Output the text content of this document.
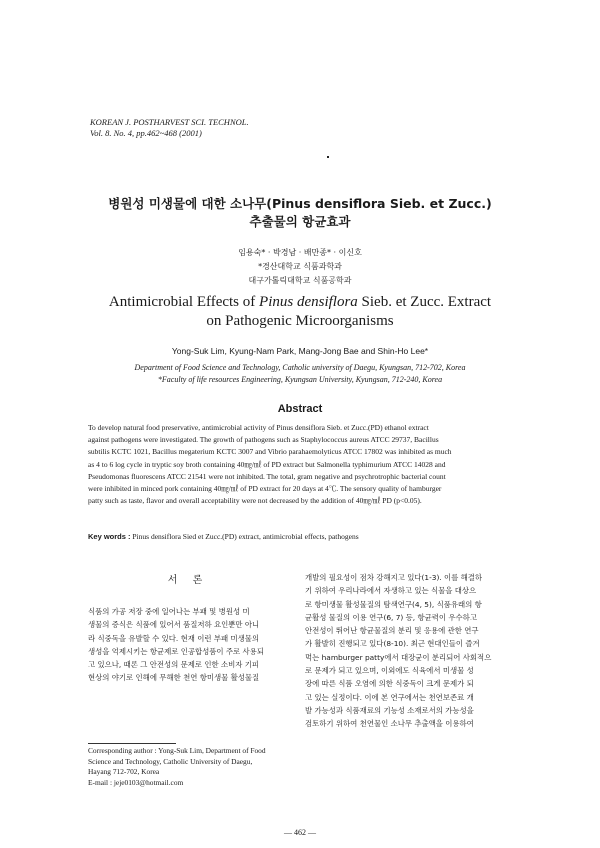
KOREAN J. POSTHARVEST SCI. TECHNOL.
Vol. 8. No. 4, pp.462~468 (2001)
병원성 미생물에 대한 소나무(Pinus densiflora Sieb. et Zucc.)
추출물의 항균효과
임용숙* · 박경남 · 배만종* · 이신호
*경산대학교 식품과학과
대구가톨릭대학교 식품공학과
Antimicrobial Effects of Pinus densiflora Sieb. et Zucc. Extract
on Pathogenic Microorganisms
Yong-Suk Lim, Kyung-Nam Park, Mang-Jong Bae and Shin-Ho Lee*
Department of Food Science and Technology, Catholic university of Daegu, Kyungsan, 712-702, Korea
*Faculty of life resources Engineering, Kyungsan University, Kyungsan, 712-240, Korea
Abstract
To develop natural food preservative, antimicrobial activity of Pinus densiflora Sieb. et Zucc.(PD) ethanol extract
against pathogens were investigated. The growth of pathogens such as Staphylococcus aureus ATCC 29737, Bacillus
subtilis KCTC 1021, Bacillus megaterium KCTC 3007 and Vibrio parahaemolyticus ATCC 17802 was inhibited as much
as 4 to 6 log cycle in tryptic soy broth containing 40㎎/㎖ of PD extract but Salmonella typhimurium ATCC 14028 and
Pseudomonas fluorescens ATCC 21541 were not inhibited. The total, gram negative and psychrotrophic bacterial count
were inhibited in minced pork containing 40㎎/㎖ of PD extract for 20 days at 4℃. The sensory quality of hamburger
patty such as taste, flavor and overall acceptability were not decreased by the addition of 40㎎/㎖ PD (p<0.05).
Key words : Pinus densiflora Sied et Zucc.(PD) extract, antimicrobial effects, pathogens
서 론

식품의 가공 저장 중에 일어나는 부패 및 병원성 미
생물의 증식은 식품에 있어서 품질저하 요인뿐만 아니
라 식중독을 유발할 수 있다. 현재 이런 부패 미생물의
생성을 억제시키는 항균제로 인공합성품이 주로 사용되
고 있으나, 때론 그 안전성의 문제로 인한 소비자 기피
현상의 야기로 인해에 무해한 천연 항미생물 활성물질

개발의 필요성이 점차 강해지고 있다(1-3). 이를 해결하
기 위하여 우리나라에서 자생하고 있는 식물을 대상으
로 항미생물 활성물질의 탐색연구(4, 5), 식품유래의 항
균활성 물질의 이용 연구(6, 7) 등, 항균력이 우수하고
안전성이 뛰어난 항균물질의 분리 및 응용에 관한 연구
가 활발히 진행되고 있다(8-10). 최근 현대인들이 즐겨
먹는 hamburger patty에서 대장균이 분리되어 사회적으
로 문제가 되고 있으며, 이외에도 식육에서 미생물 성
장에 따른 식품 오염에 의한 식중독이 크게 문제가 되
고 있는 실정이다. 이에 본 연구에서는 천연보존료 개
발 가능성과 식품재료의 기능성 소재로서의 가능성을
검토하기 위하여 천연물인 소나무 추출액을 이용하여

Corresponding author : Yong-Suk Lim, Department of Food
Science and Technology, Catholic University of Daegu,
Hayang 712-702, Korea
E-mail : jeje0103@hotmail.com
— 462 —
